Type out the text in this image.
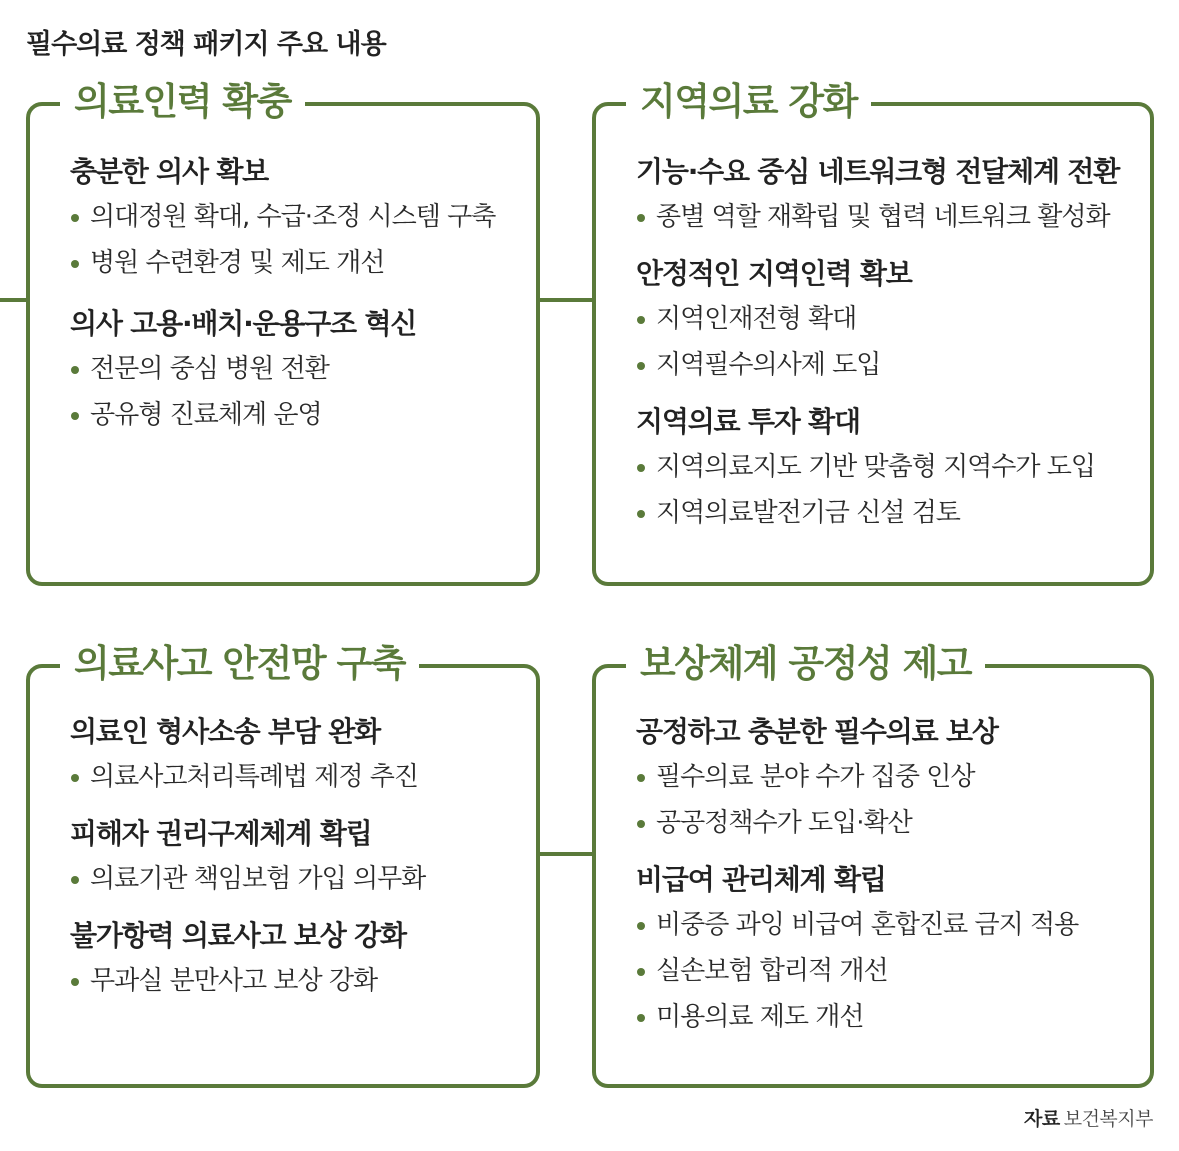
필수의료 정책 패키지 주요 내용
의료인력 확충
충분한 의사 확보
의대정원 확대, 수급·조정 시스템 구축
병원 수련환경 및 제도 개선
의사 고용·배치·운용구조 혁신
전문의 중심 병원 전환
공유형 진료체계 운영
지역의료 강화
기능·수요 중심 네트워크형 전달체계 전환
종별 역할 재확립 및 협력 네트워크 활성화
안정적인 지역인력 확보
지역인재전형 확대
지역필수의사제 도입
지역의료 투자 확대
지역의료지도 기반 맞춤형 지역수가 도입
지역의료발전기금 신설 검토
의료사고 안전망 구축
의료인 형사소송 부담 완화
의료사고처리특례법 제정 추진
피해자 권리구제체계 확립
의료기관 책임보험 가입 의무화
불가항력 의료사고 보상 강화
무과실 분만사고 보상 강화
보상체계 공정성 제고
공정하고 충분한 필수의료 보상
필수의료 분야 수가 집중 인상
공공정책수가 도입·확산
비급여 관리체계 확립
비중증 과잉 비급여 혼합진료 금지 적용
실손보험 합리적 개선
미용의료 제도 개선
자료 보건복지부
